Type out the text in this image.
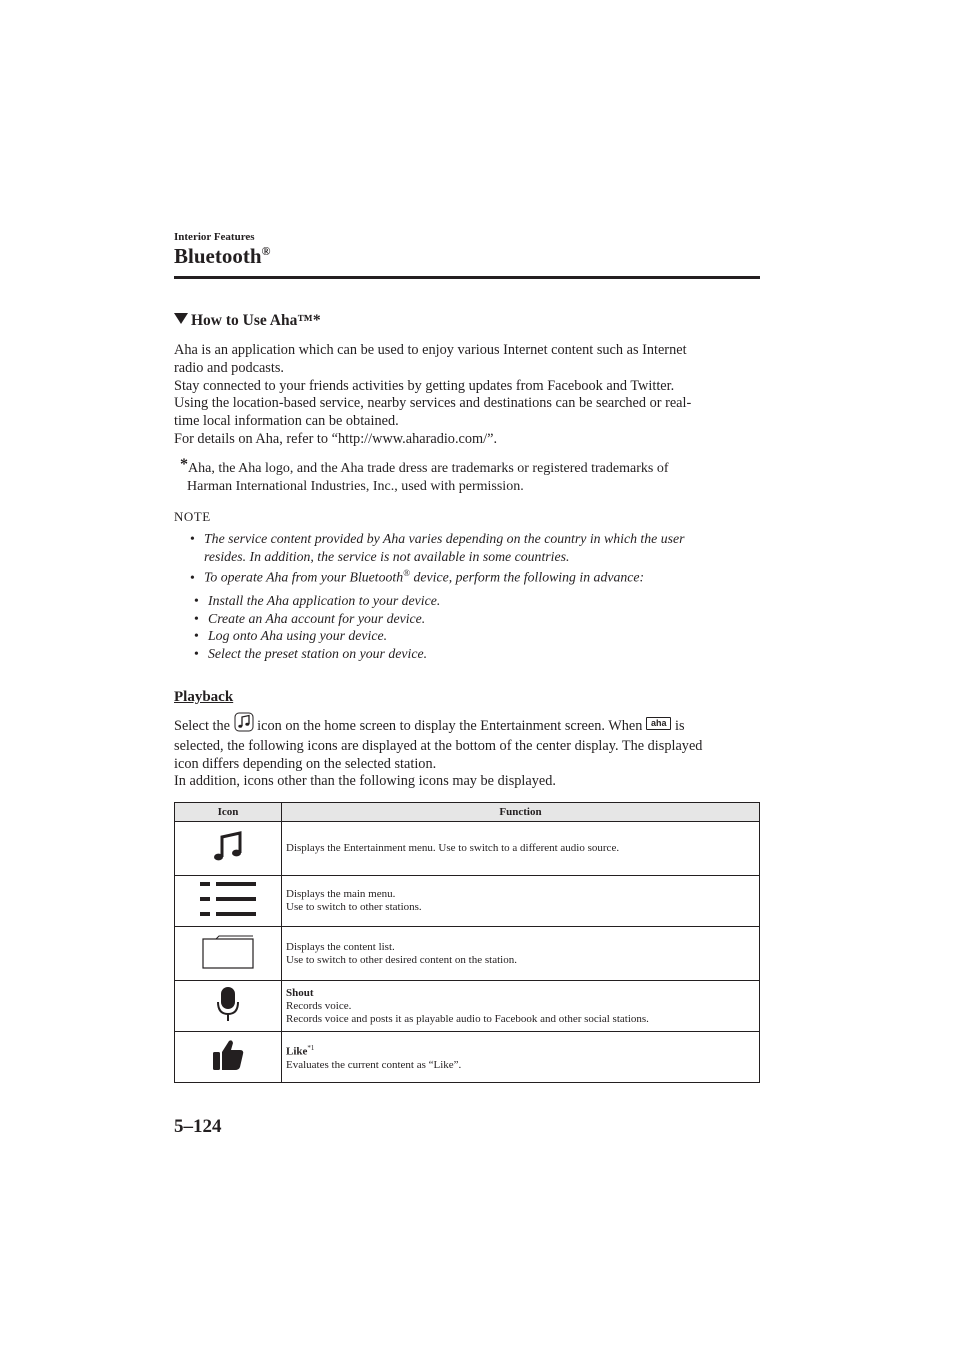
Interior Features
Bluetooth®
How to Use Aha™*
Aha is an application which can be used to enjoy various Internet content such as Internet
radio and podcasts.
Stay connected to your friends activities by getting updates from Facebook and Twitter.
Using the location-based service, nearby services and destinations can be searched or real-
time local information can be obtained.
For details on Aha, refer to “http://www.aharadio.com/”.
*Aha, the Aha logo, and the Aha trade dress are trademarks or registered trademarks of
Harman International Industries, Inc., used with permission.
NOTE
• The service content provided by Aha varies depending on the country in which the user
resides. In addition, the service is not available in some countries.
• To operate Aha from your Bluetooth® device, perform the following in advance:
• Install the Aha application to your device.
• Create an Aha account for your device.
• Log onto Aha using your device.
• Select the preset station on your device.
Playback
Select the  icon on the home screen to display the Entertainment screen. When aha is
selected, the following icons are displayed at the bottom of the center display. The displayed
icon differs depending on the selected station.
In addition, icons other than the following icons may be displayed.
Icon	Function

Displays the Entertainment menu. Use to switch to a different audio source.

Displays the main menu.
Use to switch to other stations.

Displays the content list.
Use to switch to other desired content on the station.

Shout
Records voice.
Records voice and posts it as playable audio to Facebook and other social stations.

Like$^{*1}$
Evaluates the current content as “Like”.
5–124
